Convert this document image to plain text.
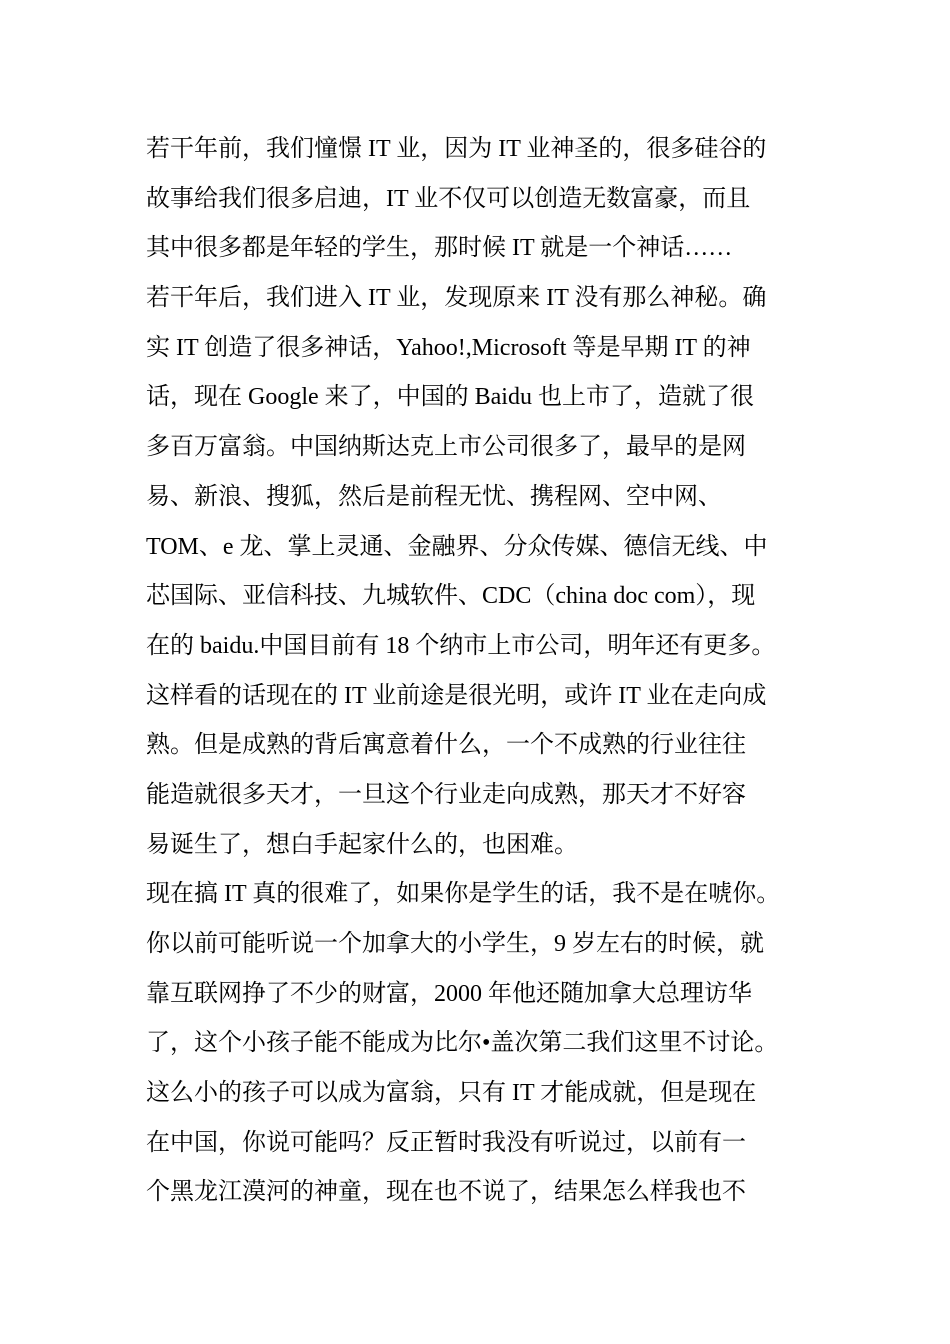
若干年前，我们憧憬 IT 业，因为 IT 业神圣的，很多硅谷的
故事给我们很多启迪，IT 业不仅可以创造无数富豪，而且
其中很多都是年轻的学生，那时候 IT 就是一个神话……
若干年后，我们进入 IT 业，发现原来 IT 没有那么神秘。确
实 IT 创造了很多神话，Yahoo!,Microsoft 等是早期 IT 的神
话，现在 Google 来了，中国的 Baidu 也上市了，造就了很
多百万富翁。中国纳斯达克上市公司很多了，最早的是网
易、新浪、搜狐，然后是前程无忧、携程网、空中网、
TOM、e 龙、掌上灵通、金融界、分众传媒、德信无线、中
芯国际、亚信科技、九城软件、CDC（china doc com），现
在的 baidu.中国目前有 18 个纳市上市公司，明年还有更多。
这样看的话现在的 IT 业前途是很光明，或许 IT 业在走向成
熟。但是成熟的背后寓意着什么，一个不成熟的行业往往
能造就很多天才，一旦这个行业走向成熟，那天才不好容
易诞生了，想白手起家什么的，也困难。
现在搞 IT 真的很难了，如果你是学生的话，我不是在唬你。
你以前可能听说一个加拿大的小学生，9 岁左右的时候，就
靠互联网挣了不少的财富，2000 年他还随加拿大总理访华
了，这个小孩子能不能成为比尔•盖次第二我们这里不讨论。
这么小的孩子可以成为富翁，只有 IT 才能成就，但是现在
在中国，你说可能吗？反正暂时我没有听说过，以前有一
个黑龙江漠河的神童，现在也不说了，结果怎么样我也不
